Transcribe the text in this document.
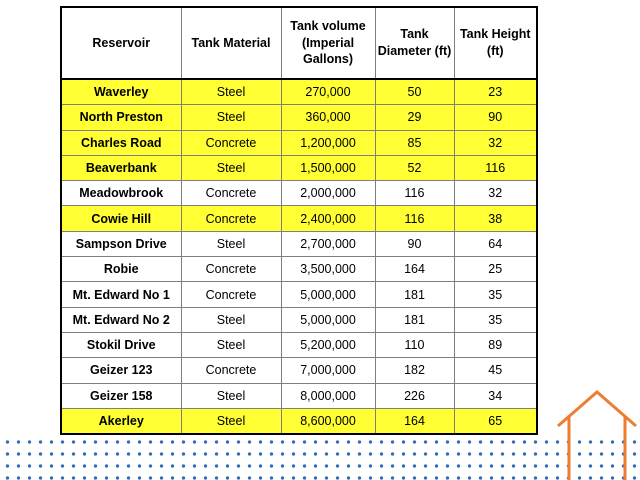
Reservoir	Tank Material	Tank volume (Imperial Gallons)	Tank Diameter (ft)	Tank Height (ft)
Waverley	Steel	270,000	50	23
North Preston	Steel	360,000	29	90
Charles Road	Concrete	1,200,000	85	32
Beaverbank	Steel	1,500,000	52	116
Meadowbrook	Concrete	2,000,000	116	32
Cowie Hill	Concrete	2,400,000	116	38
Sampson Drive	Steel	2,700,000	90	64
Robie	Concrete	3,500,000	164	25
Mt. Edward No 1	Concrete	5,000,000	181	35
Mt. Edward No 2	Steel	5,000,000	181	35
Stokil Drive	Steel	5,200,000	110	89
Geizer 123	Concrete	7,000,000	182	45
Geizer 158	Steel	8,000,000	226	34
Akerley	Steel	8,600,000	164	65
